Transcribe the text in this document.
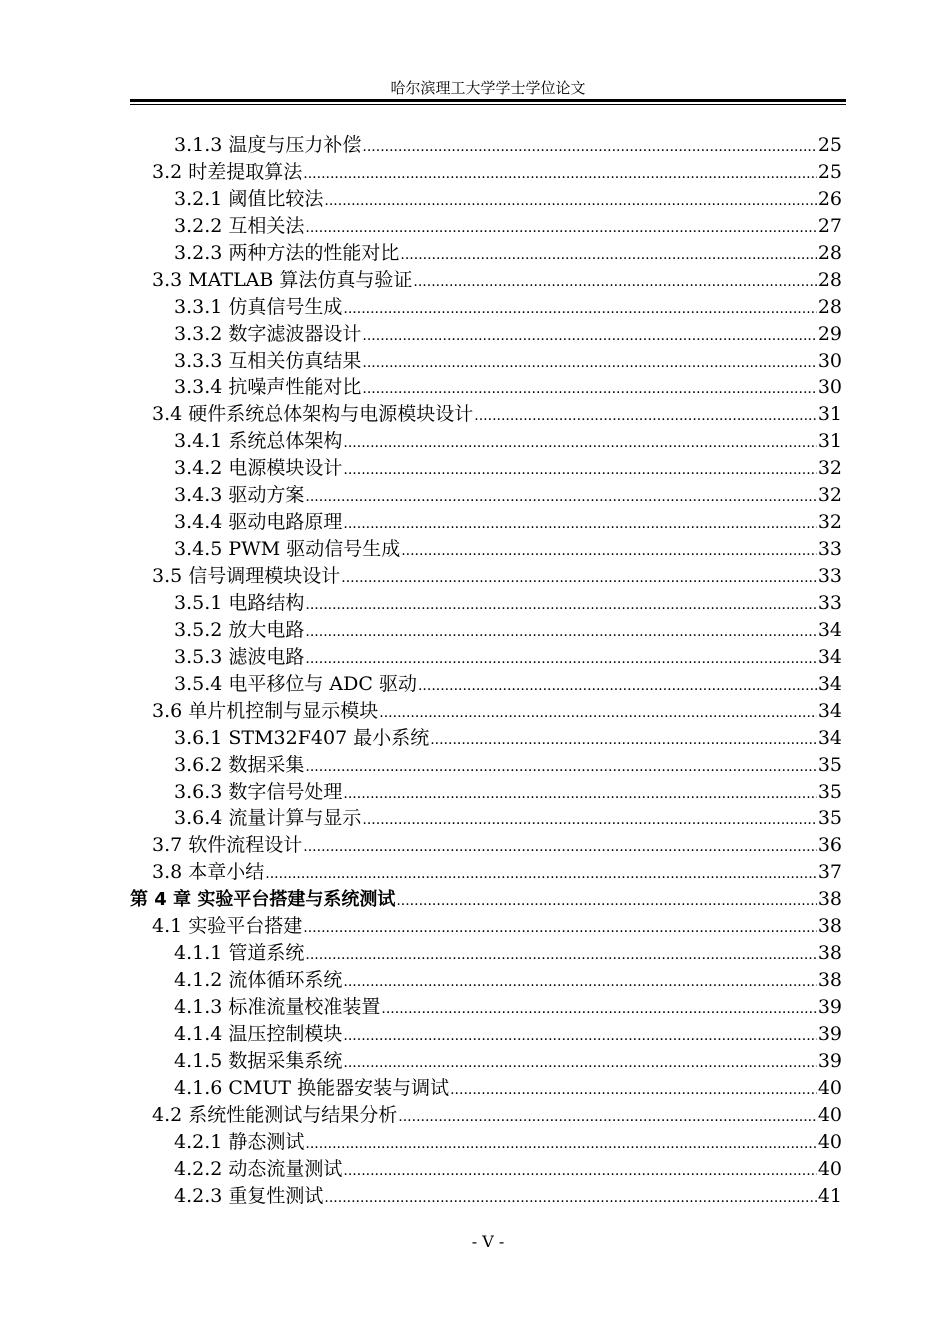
哈尔滨理工大学学士学位论文
3.1.3 温度与压力补偿 .....	25
3.2 时差提取算法 .....	25
3.2.1 阈值比较法 .....	26
3.2.2 互相关法 .....	27
3.2.3 两种方法的性能对比 .....	28
3.3 MATLAB 算法仿真与验证 .....	28
3.3.1 仿真信号生成 .....	28
3.3.2 数字滤波器设计 .....	29
3.3.3 互相关仿真结果 .....	30
3.3.4 抗噪声性能对比 .....	30
3.4 硬件系统总体架构与电源模块设计 .....	31
3.4.1 系统总体架构 .....	31
3.4.2 电源模块设计 .....	32
3.4.3 驱动方案 .....	32
3.4.4 驱动电路原理 .....	32
3.4.5 PWM 驱动信号生成 .....	33
3.5 信号调理模块设计 .....	33
3.5.1 电路结构 .....	33
3.5.2 放大电路 .....	34
3.5.3 滤波电路 .....	34
3.5.4 电平移位与 ADC 驱动 .....	34
3.6 单片机控制与显示模块 .....	34
3.6.1 STM32F407 最小系统 .....	34
3.6.2 数据采集 .....	35
3.6.3 数字信号处理 .....	35
3.6.4 流量计算与显示 .....	35
3.7 软件流程设计 .....	36
3.8 本章小结 .....	37
第 4 章 实验平台搭建与系统测试 .....	38
4.1 实验平台搭建 .....	38
4.1.1 管道系统 .....	38
4.1.2 流体循环系统 .....	38
4.1.3 标准流量校准装置 .....	39
4.1.4 温压控制模块 .....	39
4.1.5 数据采集系统 .....	39
4.1.6 CMUT 换能器安装与调试 .....	40
4.2 系统性能测试与结果分析 .....	40
4.2.1 静态测试 .....	40
4.2.2 动态流量测试 .....	40
4.2.3 重复性测试 .....	41
- V -
